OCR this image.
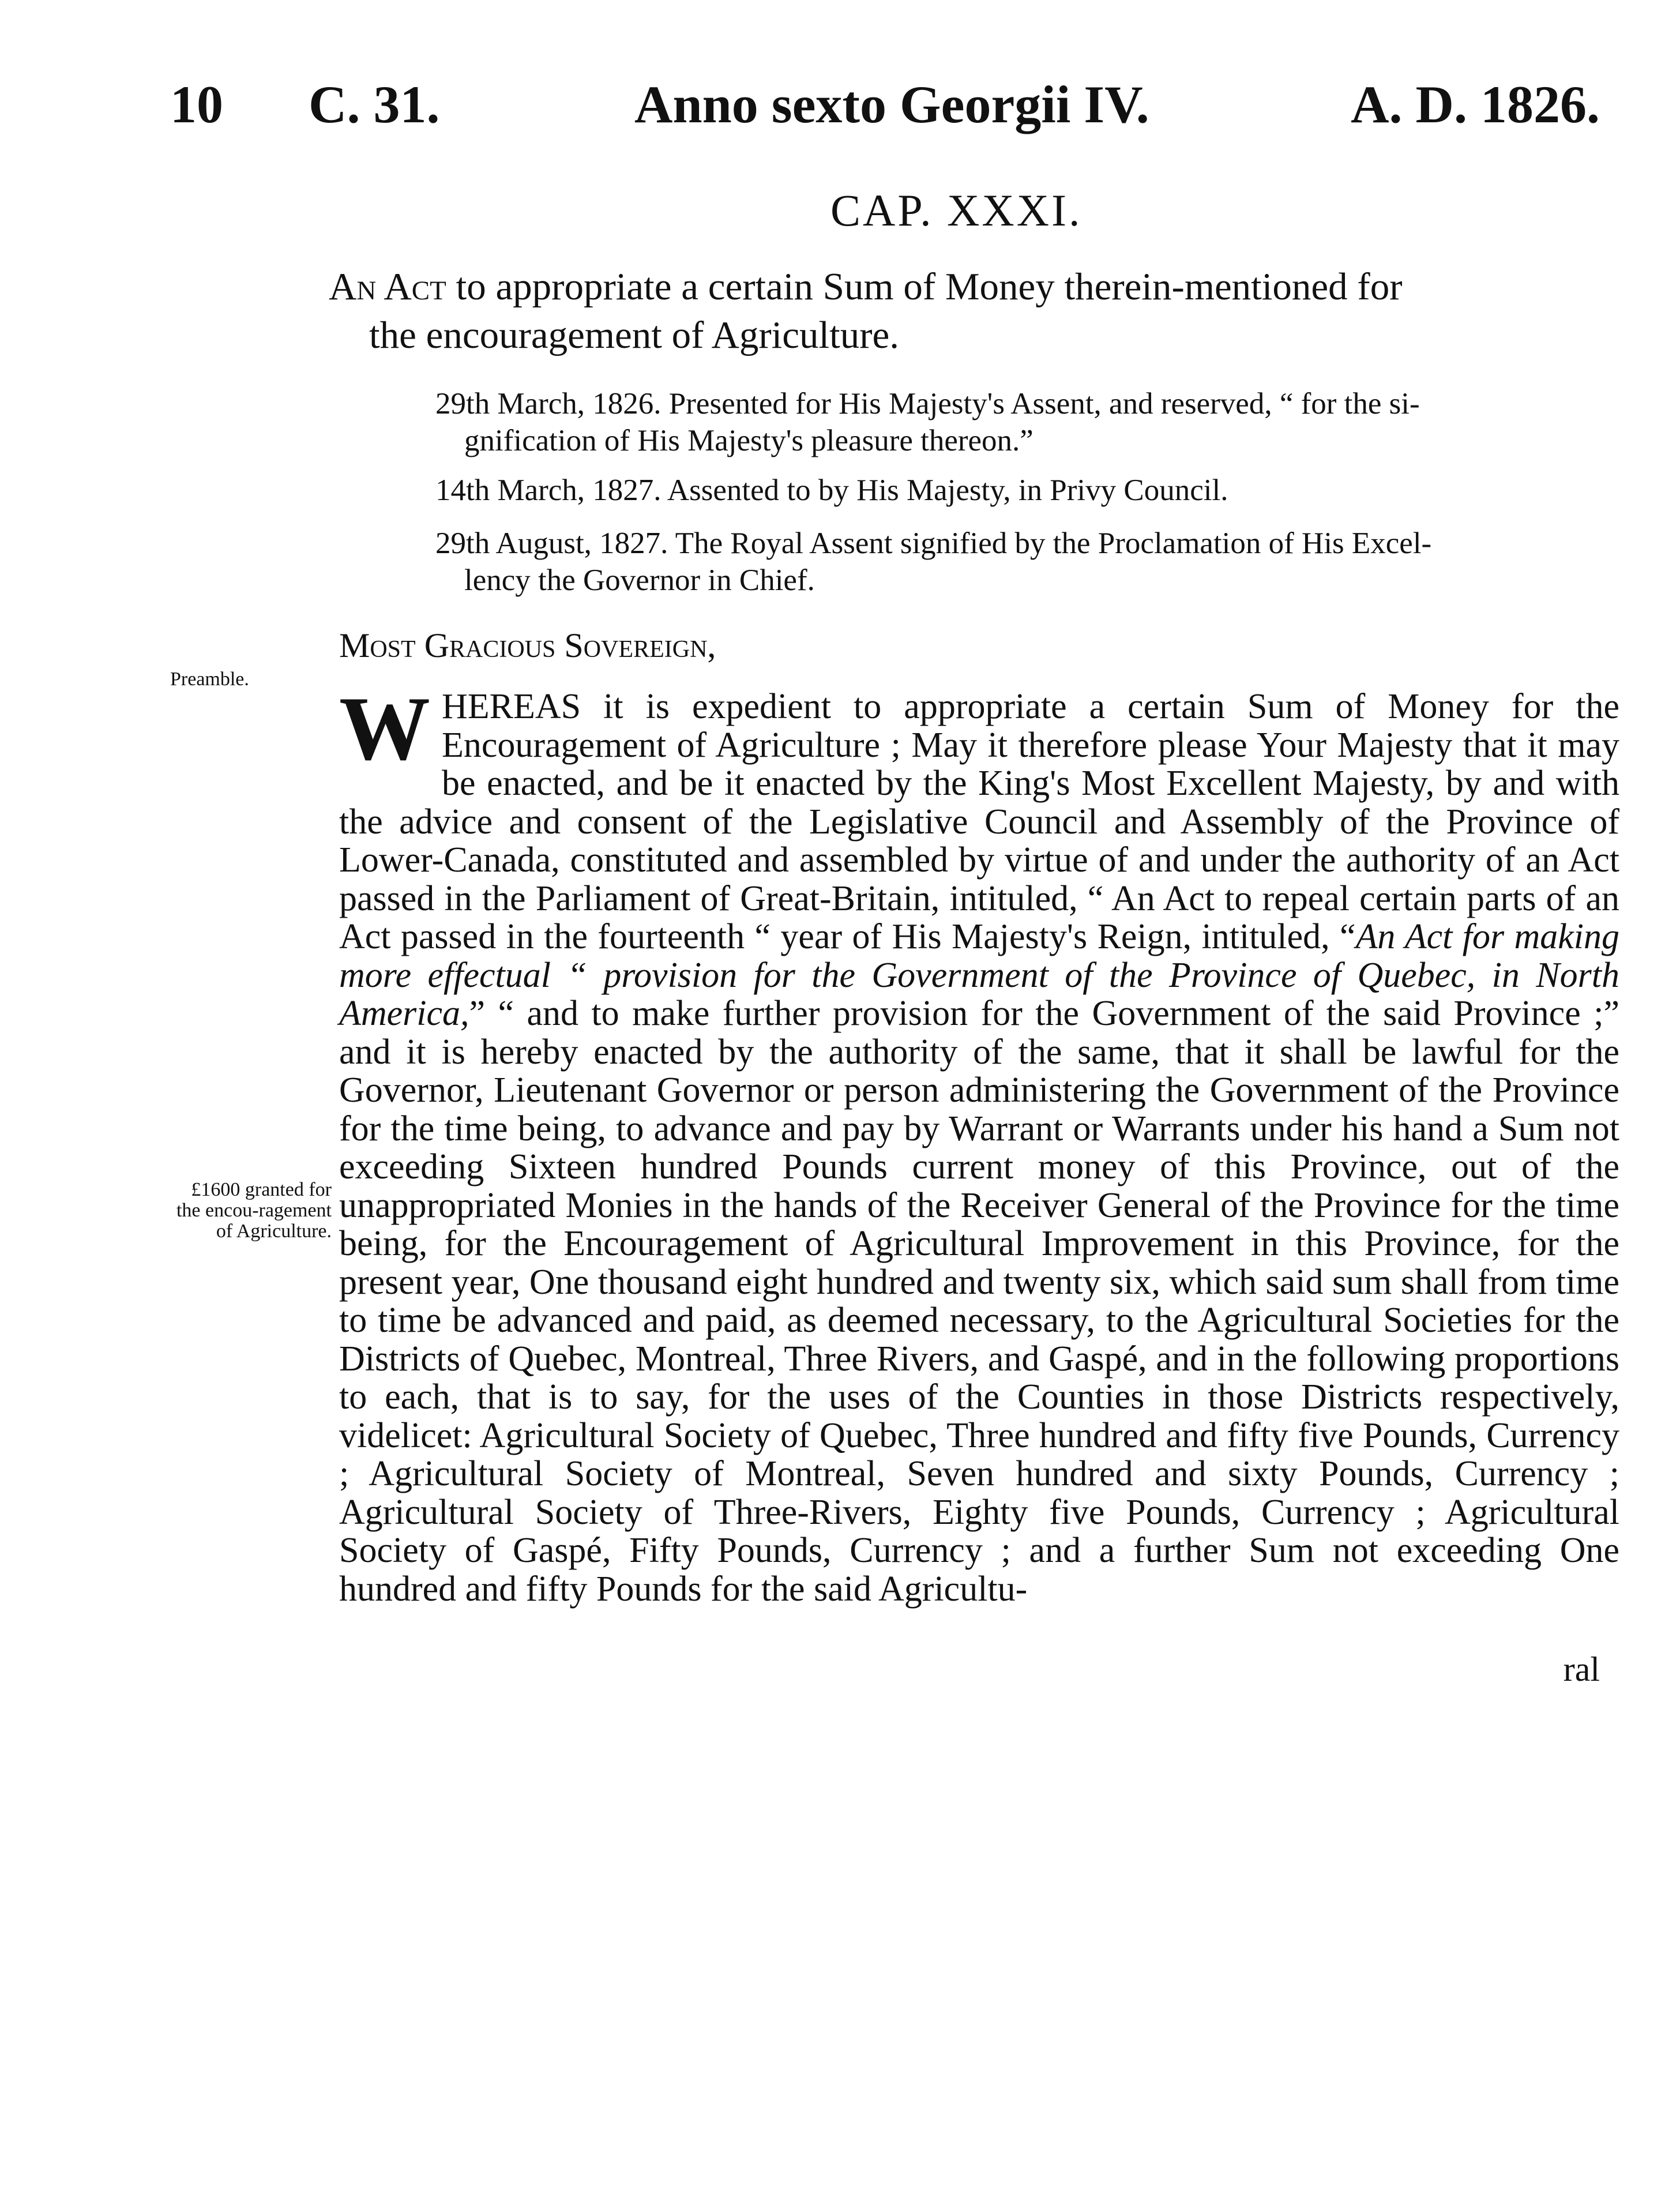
10 C. 31.	Anno sexto Georgii IV.	A. D. 1826.
CAP. XXXI.
An Act to appropriate a certain Sum of Money therein-mentioned for
the encouragement of Agriculture.
29th March, 1826. Presented for His Majesty's Assent, and reserved, “ for the si-
gnification of His Majesty's pleasure thereon.”
14th March, 1827. Assented to by His Majesty, in Privy Council.
29th August, 1827. The Royal Assent signified by the Proclamation of His Excel-
lency the Governor in Chief.
Most Gracious Sovereign,
Preamble.
£1600 granted for the encou-ragement of Agriculture.
WHEREAS it is expedient to appropriate a certain Sum of Money for the Encouragement of Agriculture ; May it therefore please Your Majesty that it may be enacted, and be it enacted by the King's Most Excellent Majesty, by and with the advice and consent of the Legislative Council and Assembly of the Province of Lower-Canada, constituted and assembled by virtue of and under the authority of an Act passed in the Parliament of Great-Britain, intituled, “ An Act to repeal certain parts of an Act passed in the fourteenth “ year of His Majesty's Reign, intituled, “An Act for making more effectual “ provision for the Government of the Province of Quebec, in North America,” “ and to make further provision for the Government of the said Province ;” and it is hereby enacted by the authority of the same, that it shall be lawful for the Governor, Lieutenant Governor or person administering the Government of the Province for the time being, to advance and pay by Warrant or Warrants under his hand a Sum not exceeding Sixteen hundred Pounds current money of this Province, out of the unappropriated Monies in the hands of the Receiver General of the Province for the time being, for the Encouragement of Agricultural Improvement in this Province, for the present year, One thousand eight hundred and twenty six, which said sum shall from time to time be advanced and paid, as deemed necessary, to the Agricultural Societies for the Districts of Quebec, Montreal, Three Rivers, and Gaspé, and in the following proportions to each, that is to say, for the uses of the Counties in those Districts respectively, videlicet: Agricultural Society of Quebec, Three hundred and fifty five Pounds, Currency ; Agricultural Society of Montreal, Seven hundred and sixty Pounds, Currency ; Agricultural Society of Three-Rivers, Eighty five Pounds, Currency ; Agricultural Society of Gaspé, Fifty Pounds, Currency ; and a further Sum not exceeding One hundred and fifty Pounds for the said Agricultu-
ral
